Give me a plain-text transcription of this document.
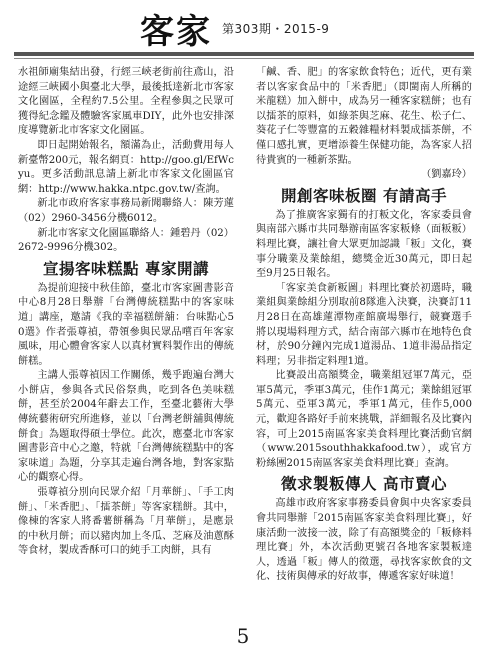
客家 第303期・2015-9

水祖師廟集結出發，行經三峽老街前往鳶山，沿途經三峽國小與臺北大學，最後抵達新北市客家文化園區，全程約7.5公里。全程參與之民眾可獲得紀念鑑及體驗客家風車DIY，此外也安排深度導覽新北市客家文化園區。

即日起開始報名，額滿為止，活動費用每人新臺幣200元，報名網頁：http://goo.gl/EfWcyu。更多活動訊息請上新北市客家文化園區官網：http://www.hakka.ntpc.gov.tw/查詢。

新北市政府客家事務局新聞聯絡人：陳芳蓮（02）2960-3456分機6012。

新北市客家文化園區聯絡人：鍾碧丹（02）2672-9996分機302。

宣揚客味糕點 專家開講

為提前迎接中秋佳節，臺北市客家圖書影音中心8月28日舉辦「台灣傳統糕點中的客家味道」講座，邀請《我的幸福糕餅舖：台味點心50選》作者張尊禎，帶領參與民眾品嚐百年客家風味，用心體會客家人以真材實料製作出的傳統餅糕。

主講人張尊禎因工作關係，幾乎跑遍台灣大小餅店，參與各式民俗祭典，吃到各色美味糕餅，甚至於2004年辭去工作，至臺北藝術大學傳統藝術研究所進修，並以「台灣老餅舖與傳統餅食」為題取得碩士學位。此次，應臺北市客家圖書影音中心之邀，特就「台灣傳統糕點中的客家味道」為題，分享其走遍台灣各地，對客家點心的觀察心得。

張尊禎分別向民眾介紹「月華餅」、「手工肉餅」、「米香肥」、「擂茶餅」等客家糕餅。其中，像棟的客家人將番薯餅稱為「月華餅」，是應景的中秋月餅；而以豬肉加上冬瓜、芝麻及油蔥酥等食材，製成香酥可口的純手工肉餅，具有

「鹹、香、肥」的客家飲食特色；近代，更有業者以客家食品中的「米香肥」（即閩南人所稱的米龍糕）加入餅中，成為另一種客家糕餅；也有以擂茶的原料，如綠茶與芝麻、花生、松子仁、葵花子仁等豐富的五穀雜糧材料製成擂茶餅，不僅口感扎實，更增添養生保健功能，為客家人招待貴賓的一種新茶點。

（劉嘉玲）

開創客味板圈 有請高手

為了推廣客家獨有的打粄文化，客家委員會與南部六縣市共同舉辦南區客家粄條（面粄粄）料理比賽，讓社會大眾更加認識「粄」文化，賽事分職業及業餘組，總獎金近30萬元，即日起至9月25日報名。

「客家美食新粄圖」料理比賽於初選時，職業組與業餘組分別取前8隊進入決賽，決賽訂11月28日在高雄蓮潭物產館廣場舉行，競賽選手將以現場料理方式，結合南部六縣市在地特色食材，於90分鐘內完成1道湯品、1道非湯品指定料理；另非指定料理1道。

比賽設出高額獎金，職業組冠軍7萬元，亞軍5萬元，季軍3萬元，佳作1萬元；業餘組冠軍5萬元、亞軍3萬元，季軍1萬元，佳作5,000元，歡迎各路好手前來挑戰，詳細報名及比賽內容，可上2015南區客家美食料理比賽活動官網（www.2015southhakkafood.tw），或官方粉絲團2015南區客家美食料理比賽」查詢。

徵求製粄傳人 高市賣心

高雄市政府客家事務委員會與中央客家委員會共同舉辦「2015南區客家美食料理比賽」，好康活動一波接一波，除了有高額獎金的「粄條料理比賽」外，本次活動更號召各地客家製粄達人，透過「粄」傳人的徵選，尋找客家飲食的文化、技術與傳承的好故事，傳遞客家好味道！

5
